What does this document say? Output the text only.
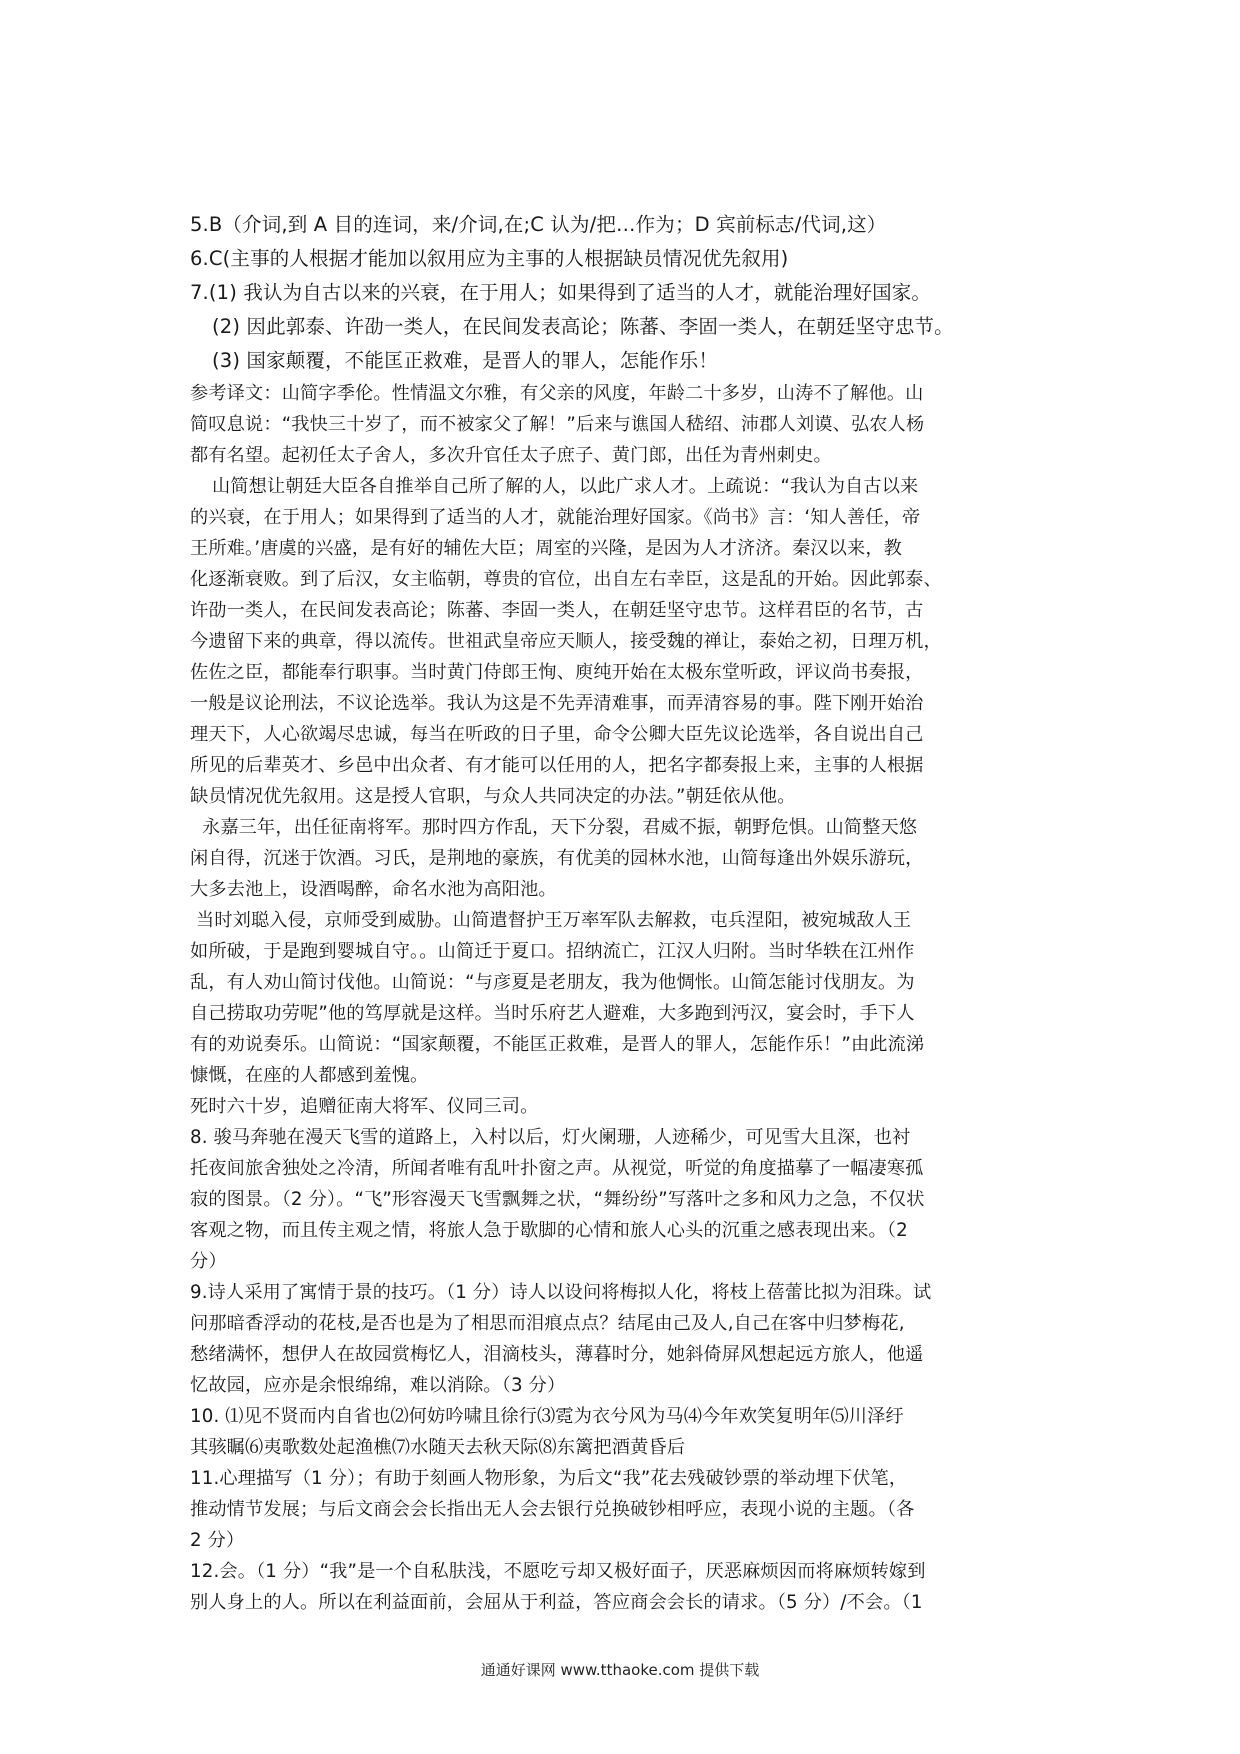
5.B（介词,到 A 目的连词，来/介词,在;C 认为/把…作为；D 宾前标志/代词,这）

6.C(主事的人根据才能加以叙用应为主事的人根据缺员情况优先叙用)

7.(1) 我认为自古以来的兴衰，在于用人；如果得到了适当的人才，就能治理好国家。

(2) 因此郭泰、许劭一类人，在民间发表高论；陈蕃、李固一类人，在朝廷坚守忠节。

(3) 国家颠覆，不能匡正救难，是晋人的罪人，怎能作乐！

参考译文：山简字季伦。性情温文尔雅，有父亲的风度，年龄二十多岁，山涛不了解他。山

简叹息说：“我快三十岁了，而不被家父了解！”后来与谯国人嵇绍、沛郡人刘谟、弘农人杨

都有名望。起初任太子舍人，多次升官任太子庶子、黄门郎，出任为青州刺史。

山简想让朝廷大臣各自推举自己所了解的人，以此广求人才。上疏说：“我认为自古以来

的兴衰，在于用人；如果得到了适当的人才，就能治理好国家。《尚书》言：‘知人善任，帝

王所难。’唐虞的兴盛，是有好的辅佐大臣；周室的兴隆，是因为人才济济。秦汉以来，教

化逐渐衰败。到了后汉，女主临朝，尊贵的官位，出自左右幸臣，这是乱的开始。因此郭泰、

许劭一类人，在民间发表高论；陈蕃、李固一类人，在朝廷坚守忠节。这样君臣的名节，古

今遗留下来的典章，得以流传。世祖武皇帝应天顺人，接受魏的禅让，泰始之初，日理万机，

佐佐之臣，都能奉行职事。当时黄门侍郎王恂、庾纯开始在太极东堂听政，评议尚书奏报，

一般是议论刑法，不议论选举。我认为这是不先弄清难事，而弄清容易的事。陛下刚开始治

理天下，人心欲竭尽忠诚，每当在听政的日子里，命令公卿大臣先议论选举，各自说出自己

所见的后辈英才、乡邑中出众者、有才能可以任用的人，把名字都奏报上来，主事的人根据

缺员情况优先叙用。这是授人官职，与众人共同决定的办法。”朝廷依从他。

永嘉三年，出任征南将军。那时四方作乱，天下分裂，君威不振，朝野危惧。山简整天悠

闲自得，沉迷于饮酒。习氏，是荆地的豪族，有优美的园林水池，山简每逢出外娱乐游玩，

大多去池上，设酒喝醉，命名水池为高阳池。

当时刘聪入侵，京师受到威胁。山简遣督护王万率军队去解救，屯兵涅阳，被宛城敌人王

如所破，于是跑到婴城自守。。山简迁于夏口。招纳流亡，江汉人归附。当时华轶在江州作

乱，有人劝山简讨伐他。山简说：“与彦夏是老朋友，我为他惆怅。山简怎能讨伐朋友。为

自己捞取功劳呢”他的笃厚就是这样。当时乐府艺人避难，大多跑到沔汉，宴会时，手下人

有的劝说奏乐。山简说：“国家颠覆，不能匡正救难，是晋人的罪人，怎能作乐！”由此流涕

慷慨，在座的人都感到羞愧。

死时六十岁，追赠征南大将军、仪同三司。

8. 骏马奔驰在漫天飞雪的道路上，入村以后，灯火阑珊，人迹稀少，可见雪大且深，也衬

托夜间旅舍独处之冷清，所闻者唯有乱叶扑窗之声。从视觉，听觉的角度描摹了一幅凄寒孤

寂的图景。（2 分）。“飞”形容漫天飞雪飘舞之状，“舞纷纷”写落叶之多和风力之急，不仅状

客观之物，而且传主观之情，将旅人急于歇脚的心情和旅人心头的沉重之感表现出来。（2

分）

9.诗人采用了寓情于景的技巧。（1 分）诗人以设问将梅拟人化，将枝上蓓蕾比拟为泪珠。试

问那暗香浮动的花枝,是否也是为了相思而泪痕点点？结尾由己及人,自己在客中归梦梅花,

愁绪满怀，想伊人在故园赏梅忆人，泪滴枝头，薄暮时分，她斜倚屏风想起远方旅人，他遥

忆故园，应亦是余恨绵绵，难以消除。（3 分）

10. ⑴见不贤而内自省也⑵何妨吟啸且徐行⑶霓为衣兮风为马⑷今年欢笑复明年⑸川泽纡

其骇瞩⑹夷歌数处起渔樵⑺水随天去秋天际⑻东篱把酒黄昏后

11.心理描写（1 分）；有助于刻画人物形象，为后文“我”花去残破钞票的举动埋下伏笔，

推动情节发展；与后文商会会长指出无人会去银行兑换破钞相呼应，表现小说的主题。（各

2 分）

12.会。（1 分）“我”是一个自私肤浅，不愿吃亏却又极好面子，厌恶麻烦因而将麻烦转嫁到

别人身上的人。所以在利益面前，会屈从于利益，答应商会会长的请求。（5 分）/不会。（1

通通好课网 www.tthaoke.com 提供下载
